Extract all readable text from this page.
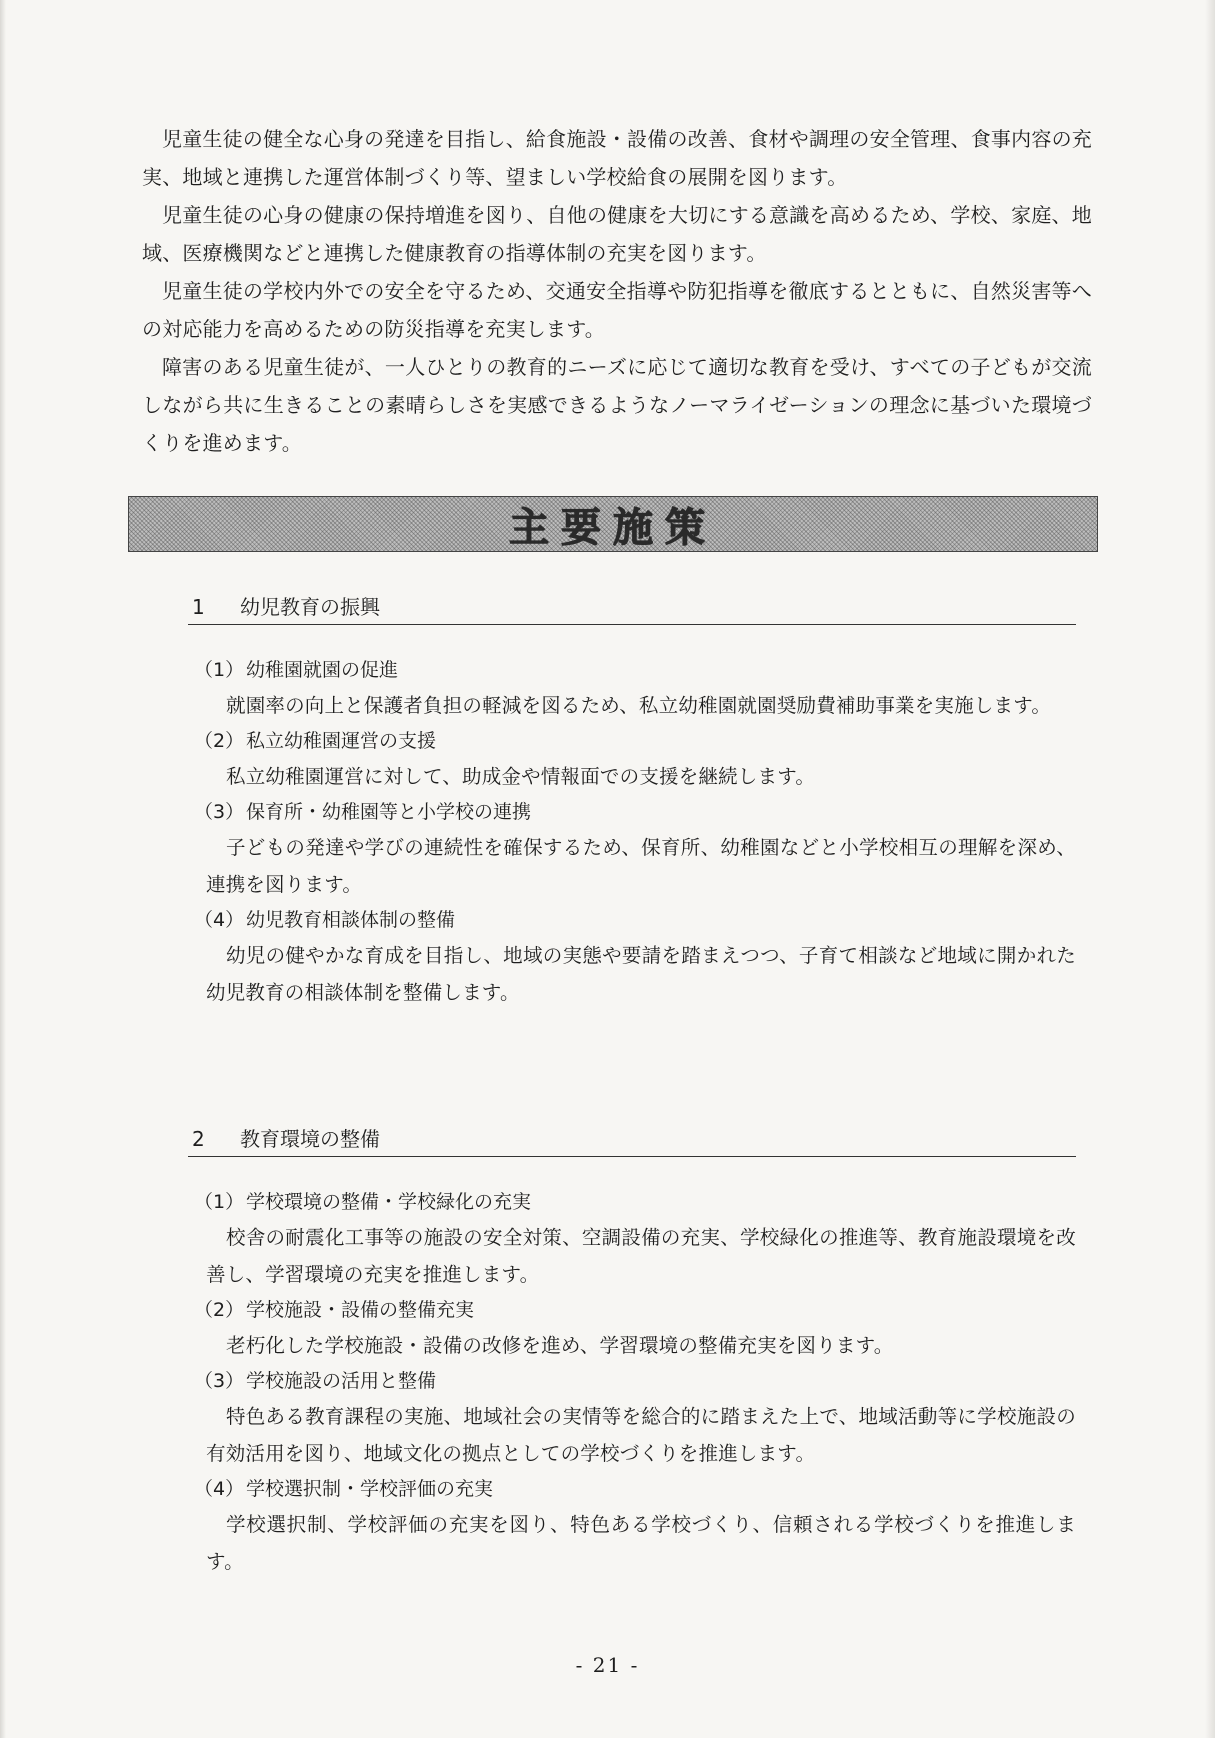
児童生徒の健全な心身の発達を目指し、給食施設・設備の改善、食材や調理の安全管理、食事内容の充実、地域と連携した運営体制づくり等、望ましい学校給食の展開を図ります。

児童生徒の心身の健康の保持増進を図り、自他の健康を大切にする意識を高めるため、学校、家庭、地域、医療機関などと連携した健康教育の指導体制の充実を図ります。

児童生徒の学校内外での安全を守るため、交通安全指導や防犯指導を徹底するとともに、自然災害等への対応能力を高めるための防災指導を充実します。

障害のある児童生徒が、一人ひとりの教育的ニーズに応じて適切な教育を受け、すべての子どもが交流しながら共に生きることの素晴らしさを実感できるようなノーマライゼーションの理念に基づいた環境づくりを進めます。

主要施策
1 幼児教育の振興
（1） 幼稚園就園の促進
就園率の向上と保護者負担の軽減を図るため、私立幼稚園就園奨励費補助事業を実施します。
（2） 私立幼稚園運営の支援
私立幼稚園運営に対して、助成金や情報面での支援を継続します。
（3） 保育所・幼稚園等と小学校の連携
子どもの発達や学びの連続性を確保するため、保育所、幼稚園などと小学校相互の理解を深め、連携を図ります。
（4） 幼児教育相談体制の整備
幼児の健やかな育成を目指し、地域の実態や要請を踏まえつつ、子育て相談など地域に開かれた幼児教育の相談体制を整備します。
2 教育環境の整備
（1） 学校環境の整備・学校緑化の充実
校舎の耐震化工事等の施設の安全対策、空調設備の充実、学校緑化の推進等、教育施設環境を改善し、学習環境の充実を推進します。
（2） 学校施設・設備の整備充実
老朽化した学校施設・設備の改修を進め、学習環境の整備充実を図ります。
（3） 学校施設の活用と整備
特色ある教育課程の実施、地域社会の実情等を総合的に踏まえた上で、地域活動等に学校施設の有効活用を図り、地域文化の拠点としての学校づくりを推進します。
（4） 学校選択制・学校評価の充実
学校選択制、学校評価の充実を図り、特色ある学校づくり、信頼される学校づくりを推進します。
- 21 -
